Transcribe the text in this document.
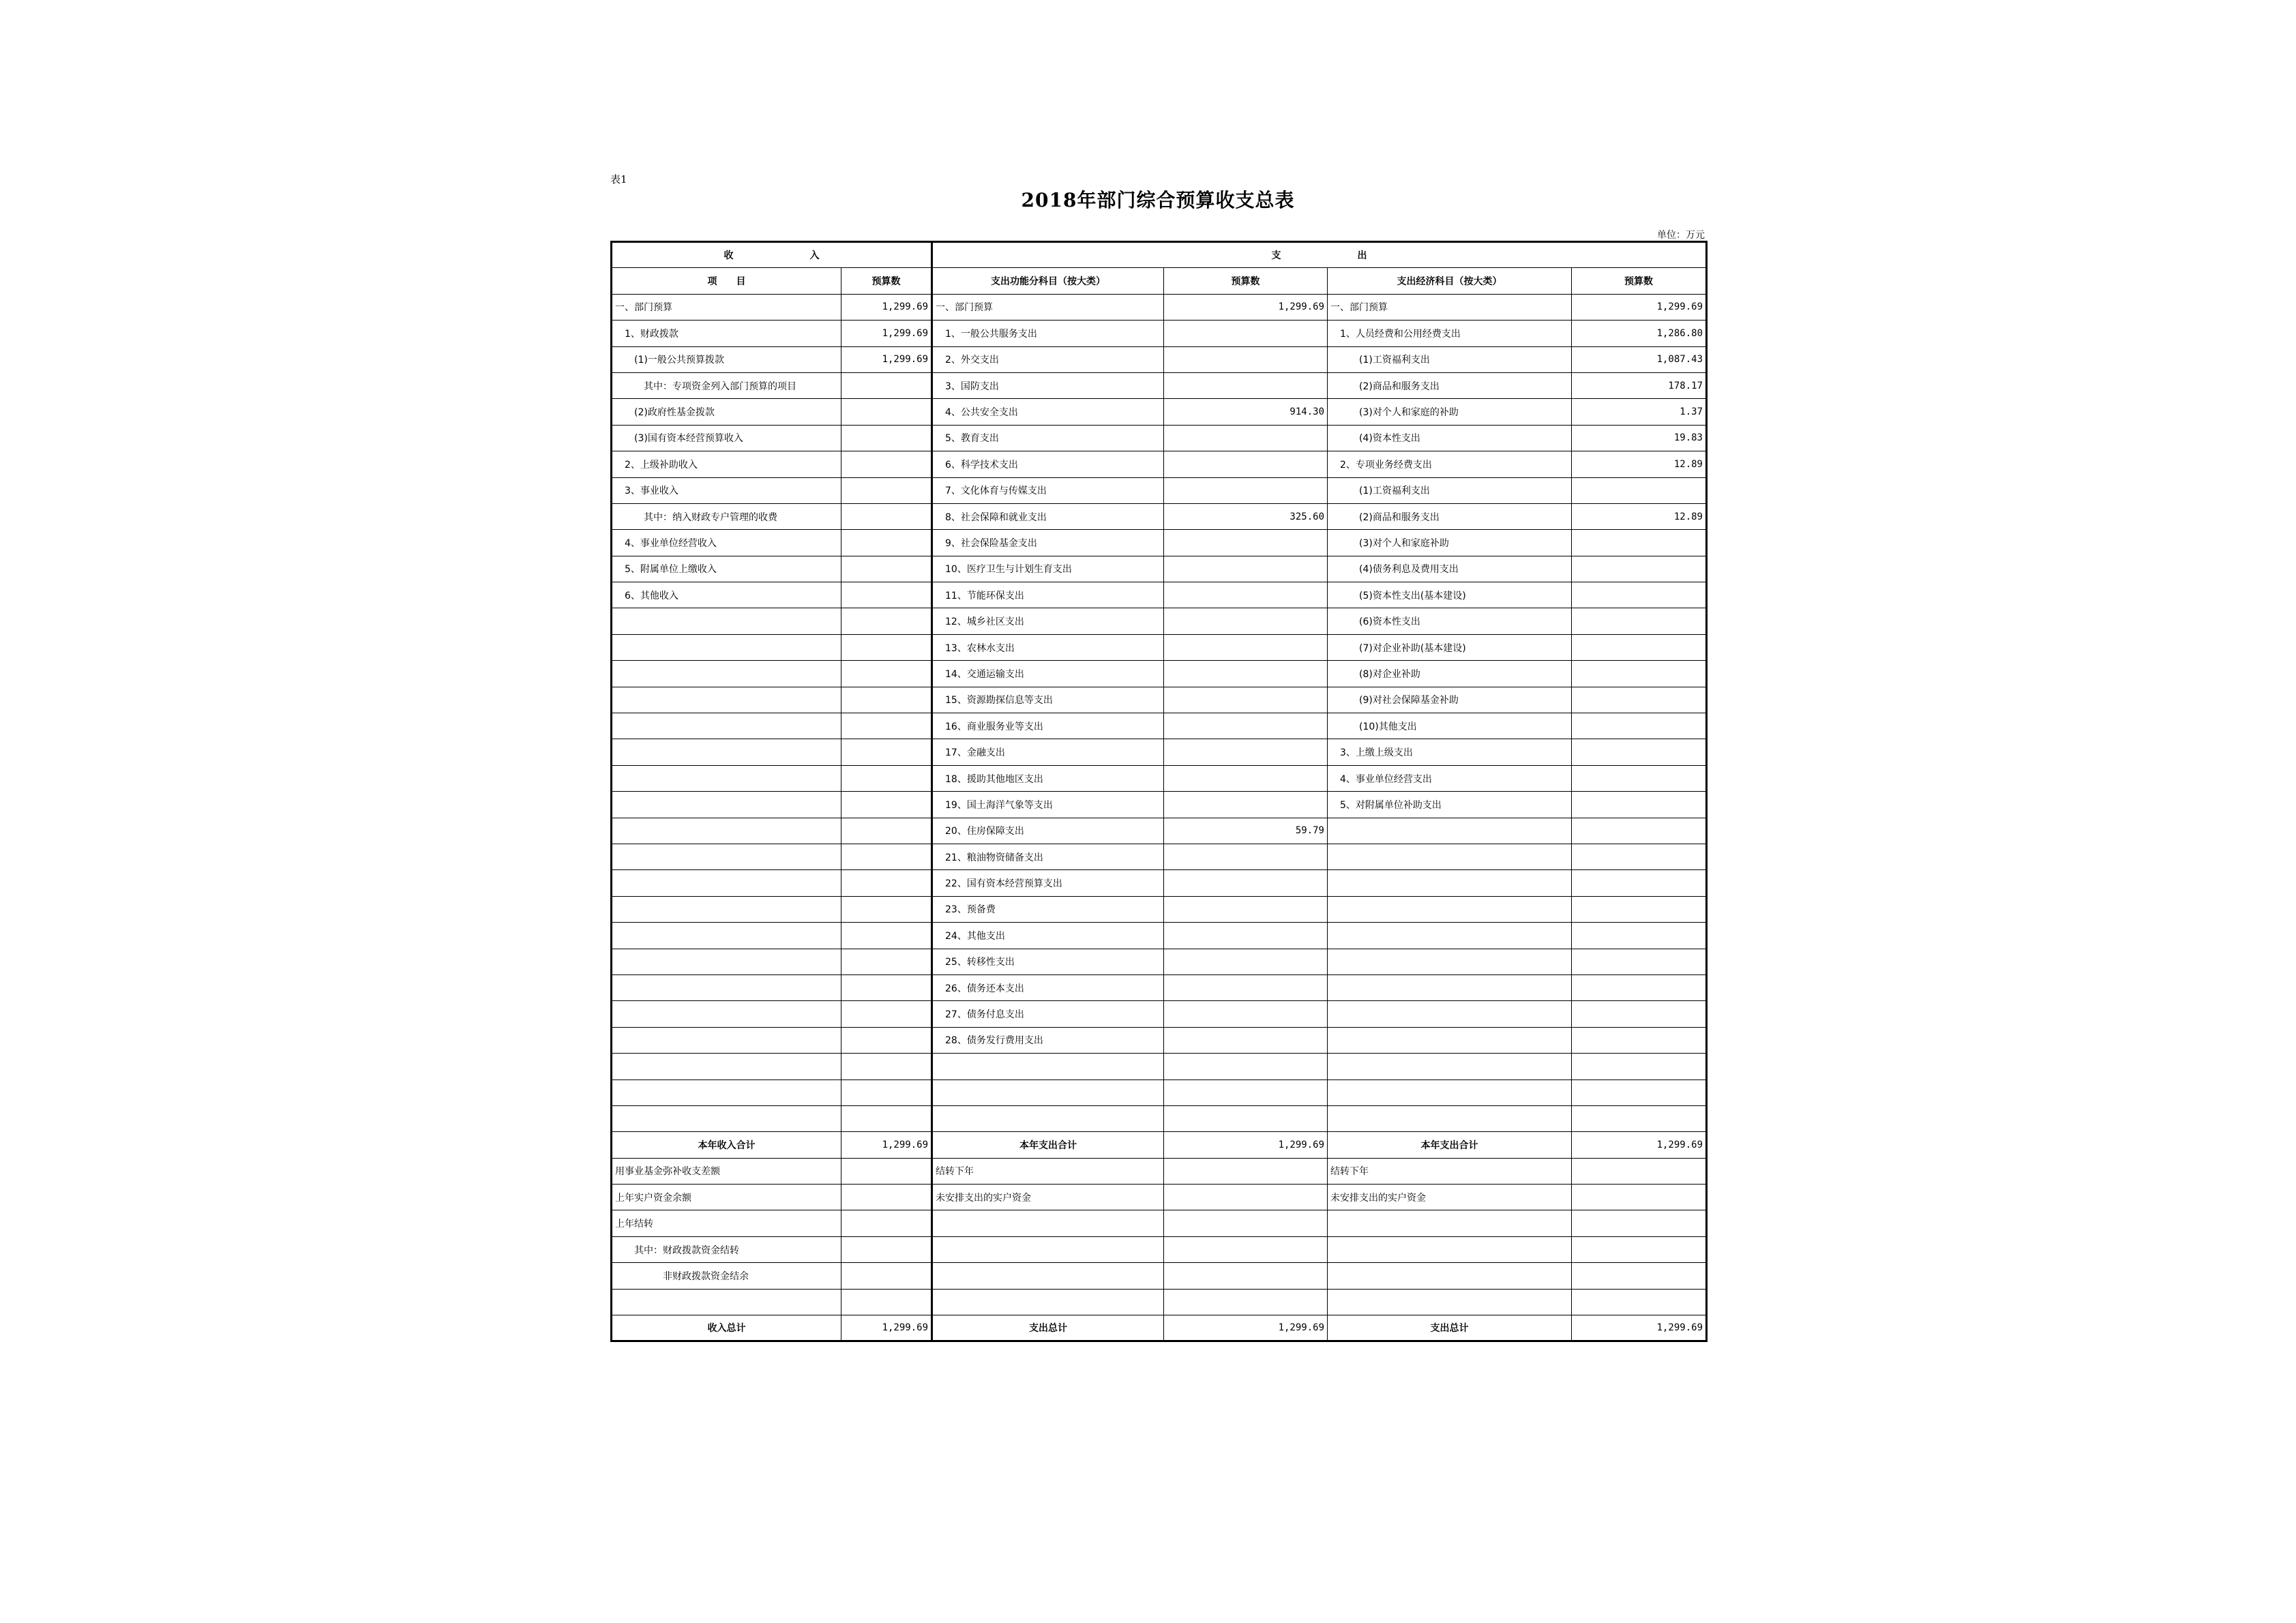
表1
2018年部门综合预算收支总表
单位：万元
收　　　　　　　　入		支　　　　　　　　出			
项　　目	预算数	支出功能分科目（按大类）	预算数	支出经济科目（按大类）	预算数
一、部门预算	1,299.69	一、部门预算	1,299.69	一、部门预算	1,299.69
　1、财政拨款	1,299.69	　1、一般公共服务支出		　1、人员经费和公用经费支出	1,286.80
　　(1)一般公共预算拨款	1,299.69	　2、外交支出		　　　(1)工资福利支出	1,087.43
　　　其中：专项资金列入部门预算的项目		　3、国防支出		　　　(2)商品和服务支出	178.17
　　(2)政府性基金拨款		　4、公共安全支出	914.30	　　　(3)对个人和家庭的补助	1.37
　　(3)国有资本经营预算收入		　5、教育支出		　　　(4)资本性支出	19.83
　2、上级补助收入		　6、科学技术支出		　2、专项业务经费支出	12.89
　3、事业收入		　7、文化体育与传媒支出		　　　(1)工资福利支出	
　　　其中：纳入财政专户管理的收费		　8、社会保障和就业支出	325.60	　　　(2)商品和服务支出	12.89
　4、事业单位经营收入		　9、社会保险基金支出		　　　(3)对个人和家庭补助	
　5、附属单位上缴收入		　10、医疗卫生与计划生育支出		　　　(4)债务利息及费用支出	
　6、其他收入		　11、节能环保支出		　　　(5)资本性支出(基本建设)	
		　12、城乡社区支出		　　　(6)资本性支出	
		　13、农林水支出		　　　(7)对企业补助(基本建设)	
		　14、交通运输支出		　　　(8)对企业补助	
		　15、资源勘探信息等支出		　　　(9)对社会保障基金补助	
		　16、商业服务业等支出		　　　(10)其他支出	
		　17、金融支出		　3、上缴上级支出	
		　18、援助其他地区支出		　4、事业单位经营支出	
		　19、国土海洋气象等支出		　5、对附属单位补助支出	
		　20、住房保障支出	59.79		
		　21、粮油物资储备支出			
		　22、国有资本经营预算支出			
		　23、预备费			
		　24、其他支出			
		　25、转移性支出			
		　26、债务还本支出			
		　27、债务付息支出			
		　28、债务发行费用支出			

本年收入合计	1,299.69	本年支出合计	1,299.69	本年支出合计	1,299.69
用事业基金弥补收支差额		结转下年		结转下年	
上年实户资金余额		未安排支出的实户资金		未安排支出的实户资金	
上年结转					
　　其中：财政拨款资金结转					
　　　　　非财政拨款资金结余					

收入总计	1,299.69	支出总计	1,299.69	支出总计	1,299.69
